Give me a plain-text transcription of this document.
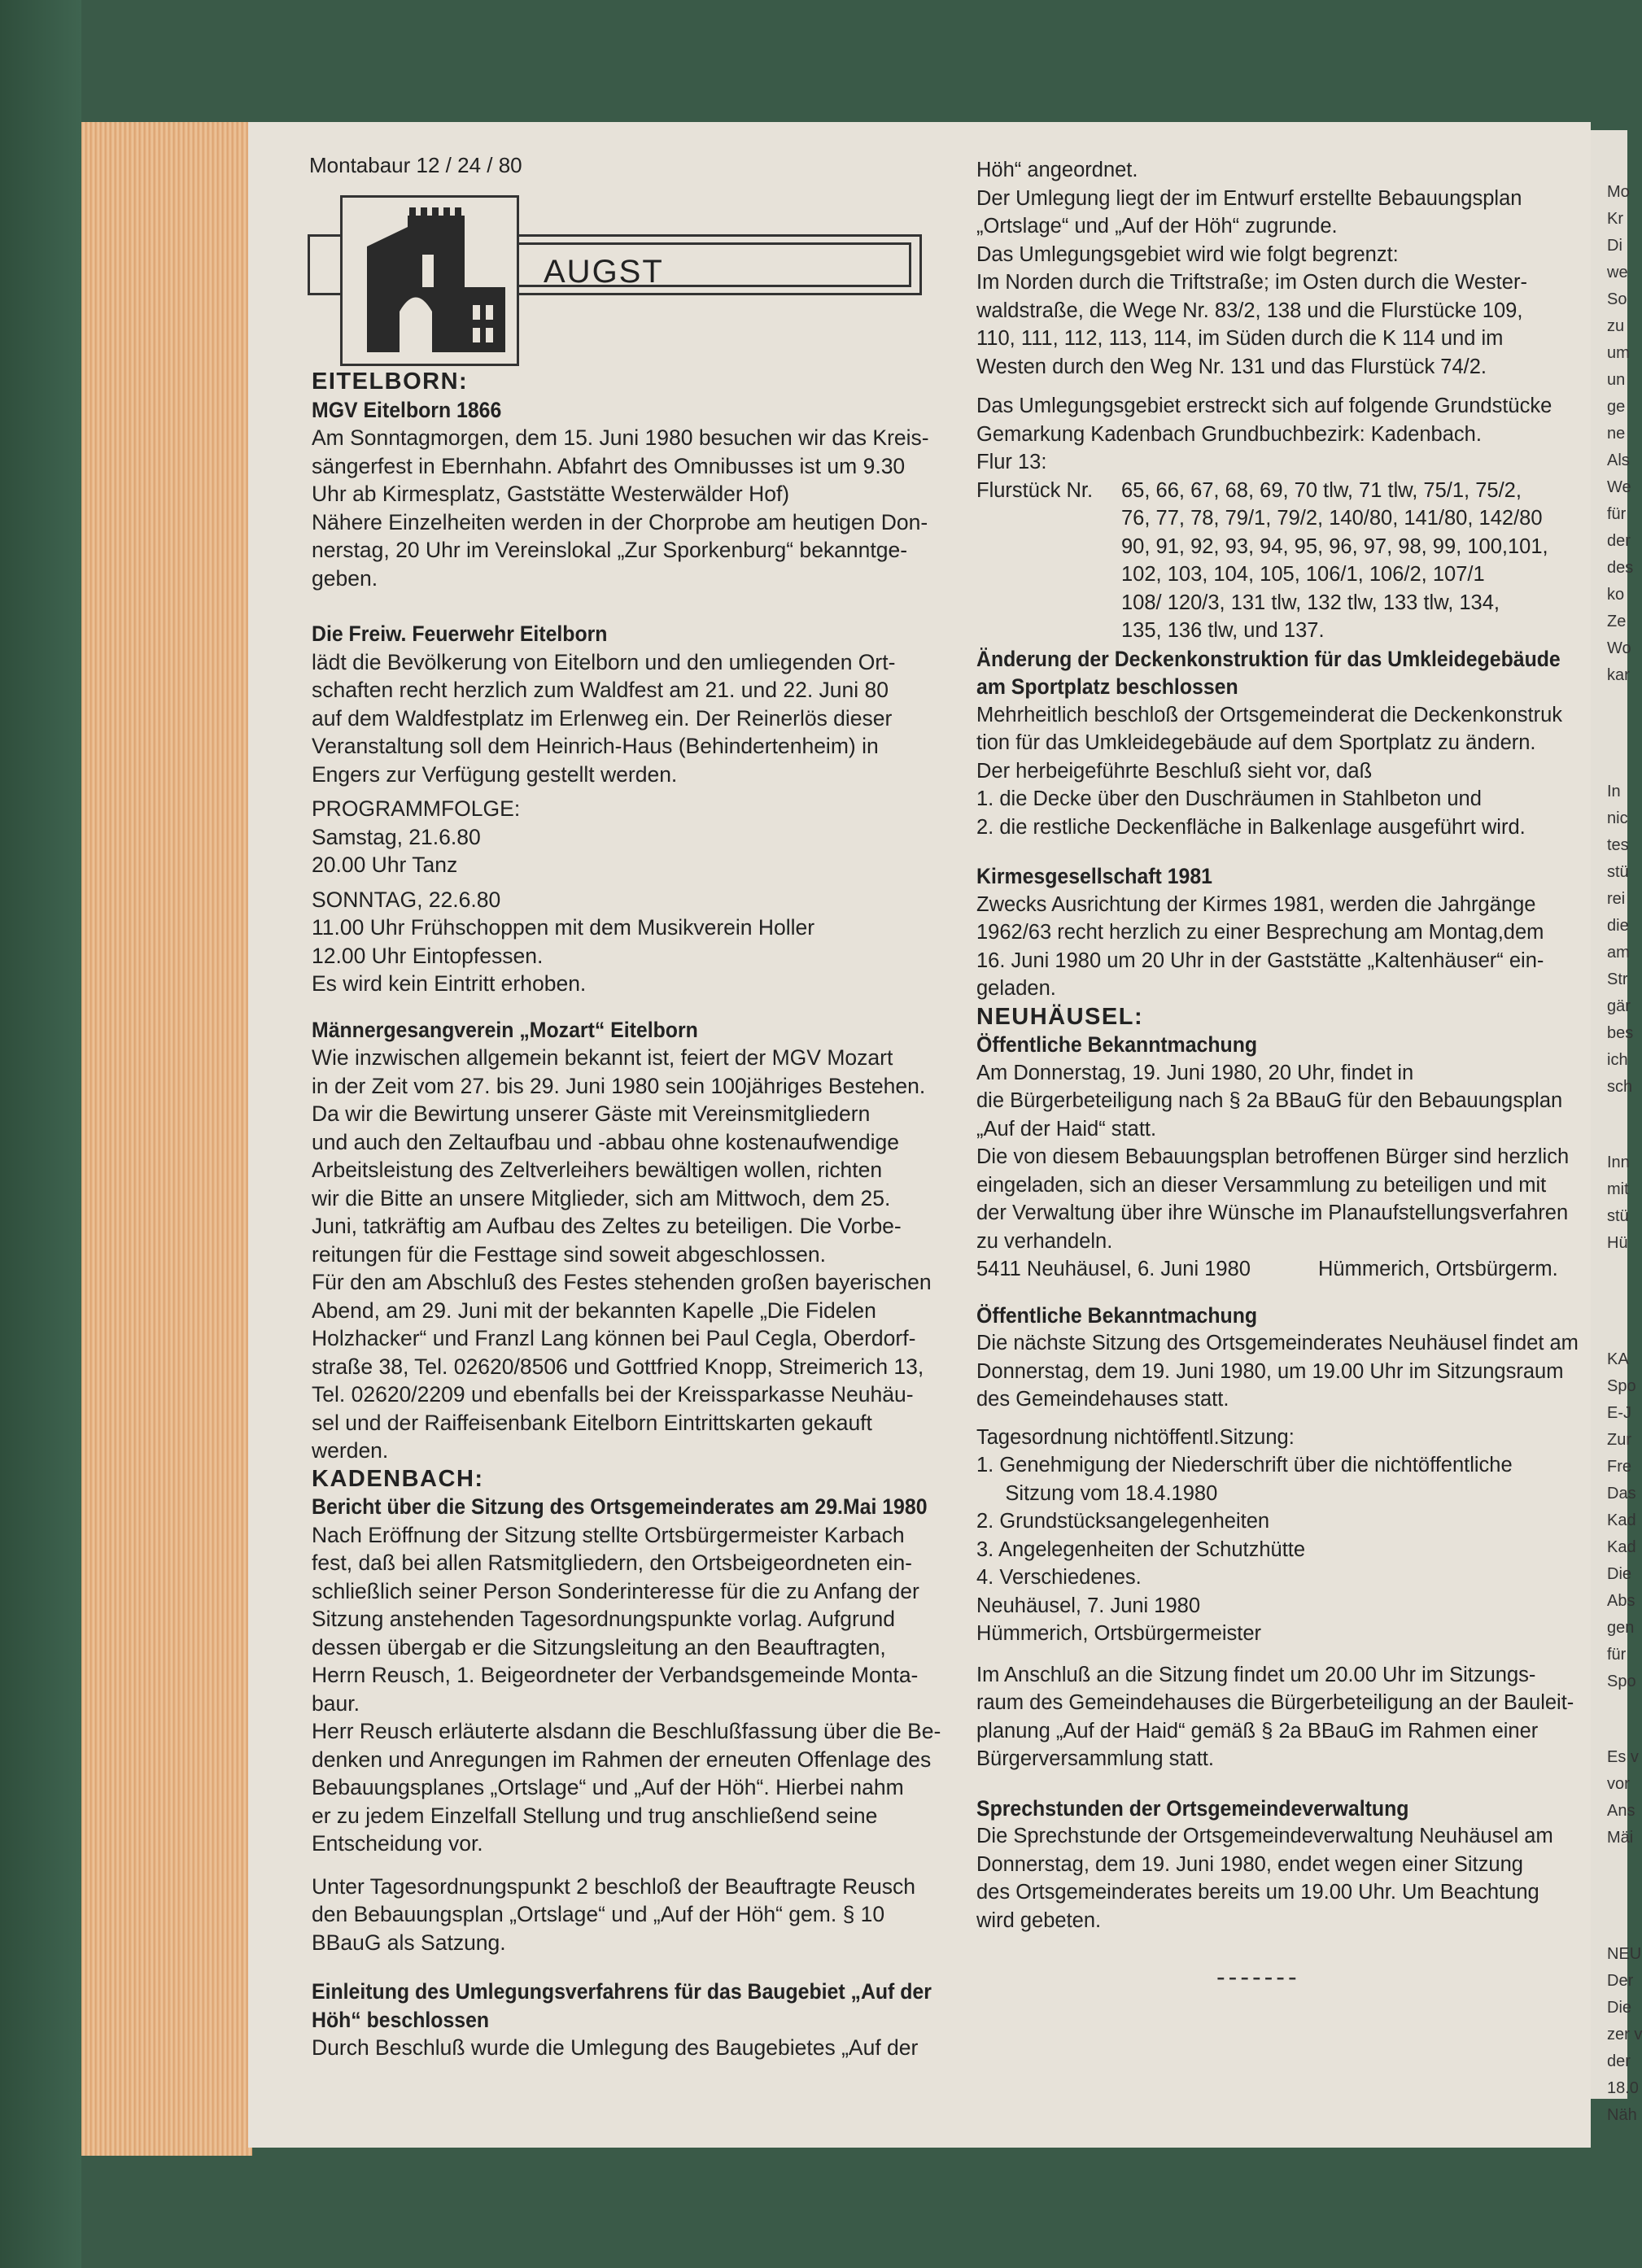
Mo
Kr
Di
we
So
zu
um
un
ge
ne
Als
We
für
der
des
ko
Ze
Wo
kar
In
nic
tes
stü
rei
die
am
Str
gär
bes
ich
sch
Inn
mit
stü
Hü
KA
Spo
E-J
Zur
Fre
Das
Kad
Kad
Die
Abs
gen
für
Spo
Es v
vor
Ans
Mäi
NEU
Der
Die
zer v
der
18.0
Näh
Montabaur 12 / 24 / 80
AUGST

EITELBORN:

MGV Eitelborn 1866

Am Sonntagmorgen, dem 15. Juni 1980 besuchen wir das Kreis-

sängerfest in Ebernhahn. Abfahrt des Omnibusses ist um 9.30

Uhr ab Kirmesplatz, Gaststätte Westerwälder Hof)

Nähere Einzelheiten werden in der Chorprobe am heutigen Don-

nerstag, 20 Uhr im Vereinslokal „Zur Sporkenburg“ bekanntge-

geben.

Die Freiw. Feuerwehr Eitelborn

lädt die Bevölkerung von Eitelborn und den umliegenden Ort-

schaften recht herzlich zum Waldfest am 21. und 22. Juni 80

auf dem Waldfestplatz im Erlenweg ein. Der Reinerlös dieser

Veranstaltung soll dem Heinrich-Haus (Behindertenheim) in

Engers zur Verfügung gestellt werden.

PROGRAMMFOLGE:

Samstag, 21.6.80

20.00 Uhr Tanz

SONNTAG, 22.6.80

11.00 Uhr Frühschoppen mit dem Musikverein Holler

12.00 Uhr Eintopfessen.

Es wird kein Eintritt erhoben.

Männergesangverein „Mozart“ Eitelborn

Wie inzwischen allgemein bekannt ist, feiert der MGV Mozart

in der Zeit vom 27. bis 29. Juni 1980 sein 100jähriges Bestehen.

Da wir die Bewirtung unserer Gäste mit Vereinsmitgliedern

und auch den Zeltaufbau und -abbau ohne kostenaufwendige

Arbeitsleistung des Zeltverleihers bewältigen wollen, richten

wir die Bitte an unsere Mitglieder, sich am Mittwoch, dem 25.

Juni, tatkräftig am Aufbau des Zeltes zu beteiligen. Die Vorbe-

reitungen für die Festtage sind soweit abgeschlossen.

Für den am Abschluß des Festes stehenden großen bayerischen

Abend, am 29. Juni mit der bekannten Kapelle „Die Fidelen

Holzhacker“ und Franzl Lang können bei Paul Cegla, Oberdorf-

straße 38, Tel. 02620/8506 und Gottfried Knopp, Streimerich 13,

Tel. 02620/2209 und ebenfalls bei der Kreissparkasse Neuhäu-

sel und der Raiffeisenbank Eitelborn Eintrittskarten gekauft

werden.

KADENBACH:

Bericht über die Sitzung des Ortsgemeinderates am 29.Mai 1980

Nach Eröffnung der Sitzung stellte Ortsbürgermeister Karbach

fest, daß bei allen Ratsmitgliedern, den Ortsbeigeordneten ein-

schließlich seiner Person Sonderinteresse für die zu Anfang der

Sitzung anstehenden Tagesordnungspunkte vorlag. Aufgrund

dessen übergab er die Sitzungsleitung an den Beauftragten,

Herrn Reusch, 1. Beigeordneter der Verbandsgemeinde Monta-

baur.

Herr Reusch erläuterte alsdann die Beschlußfassung über die Be-

denken und Anregungen im Rahmen der erneuten Offenlage des

Bebauungsplanes „Ortslage“ und „Auf der Höh“. Hierbei nahm

er zu jedem Einzelfall Stellung und trug anschließend seine

Entscheidung vor.

Unter Tagesordnungspunkt 2 beschloß der Beauftragte Reusch

den Bebauungsplan „Ortslage“ und „Auf der Höh“ gem. § 10

BBauG als Satzung.

Einleitung des Umlegungsverfahrens für das Baugebiet „Auf der

Höh“ beschlossen

Durch Beschluß wurde die Umlegung des Baugebietes „Auf der

Höh“ angeordnet.

Der Umlegung liegt der im Entwurf erstellte Bebauungsplan

„Ortslage“ und „Auf der Höh“ zugrunde.

Das Umlegungsgebiet wird wie folgt begrenzt:

Im Norden durch die Triftstraße; im Osten durch die Wester-

waldstraße, die Wege Nr. 83/2, 138 und die Flurstücke 109,

110, 111, 112, 113, 114, im Süden durch die K 114 und im

Westen durch den Weg Nr. 131 und das Flurstück 74/2.

Das Umlegungsgebiet erstreckt sich auf folgende Grundstücke

Gemarkung Kadenbach Grundbuchbezirk: Kadenbach.

Flur 13:

Flurstück Nr.	65, 66, 67, 68, 69, 70 tlw, 71 tlw, 75/1, 75/2,

76, 77, 78, 79/1, 79/2, 140/80, 141/80, 142/80

90, 91, 92, 93, 94, 95, 96, 97, 98, 99, 100,101,

102, 103, 104, 105, 106/1, 106/2, 107/1

108/ 120/3, 131 tlw, 132 tlw, 133 tlw, 134,

135, 136 tlw, und 137.

Änderung der Deckenkonstruktion für das Umkleidegebäude

am Sportplatz beschlossen

Mehrheitlich beschloß der Ortsgemeinderat die Deckenkonstruk

tion für das Umkleidegebäude auf dem Sportplatz zu ändern.

Der herbeigeführte Beschluß sieht vor, daß

1. die Decke über den Duschräumen in Stahlbeton und

2. die restliche Deckenfläche in Balkenlage ausgeführt wird.

Kirmesgesellschaft 1981

Zwecks Ausrichtung der Kirmes 1981, werden die Jahrgänge

1962/63 recht herzlich zu einer Besprechung am Montag,dem

16. Juni 1980 um 20 Uhr in der Gaststätte „Kaltenhäuser“ ein-

geladen.

NEUHÄUSEL:

Öffentliche Bekanntmachung

Am Donnerstag, 19. Juni 1980, 20 Uhr, findet in

die Bürgerbeteiligung nach § 2a BBauG für den Bebauungsplan

„Auf der Haid“ statt.

Die von diesem Bebauungsplan betroffenen Bürger sind herzlich

eingeladen, sich an dieser Versammlung zu beteiligen und mit

der Verwaltung über ihre Wünsche im Planaufstellungsverfahren

zu verhandeln.

5411 Neuhäusel, 6. Juni 1980	Hümmerich, Ortsbürgerm.

Öffentliche Bekanntmachung

Die nächste Sitzung des Ortsgemeinderates Neuhäusel findet am

Donnerstag, dem 19. Juni 1980, um 19.00 Uhr im Sitzungsraum

des Gemeindehauses statt.

Tagesordnung nichtöffentl.Sitzung:

1. Genehmigung der Niederschrift über die nichtöffentliche

Sitzung vom 18.4.1980

2. Grundstücksangelegenheiten

3. Angelegenheiten der Schutzhütte

4. Verschiedenes.

Neuhäusel, 7. Juni 1980

Hümmerich, Ortsbürgermeister

Im Anschluß an die Sitzung findet um 20.00 Uhr im Sitzungs-

raum des Gemeindehauses die Bürgerbeteiligung an der Bauleit-

planung „Auf der Haid“ gemäß § 2a BBauG im Rahmen einer

Bürgerversammlung statt.

Sprechstunden der Ortsgemeindeverwaltung

Die Sprechstunde der Ortsgemeindeverwaltung Neuhäusel am

Donnerstag, dem 19. Juni 1980, endet wegen einer Sitzung

des Ortsgemeinderates bereits um 19.00 Uhr. Um Beachtung

wird gebeten.

-------
